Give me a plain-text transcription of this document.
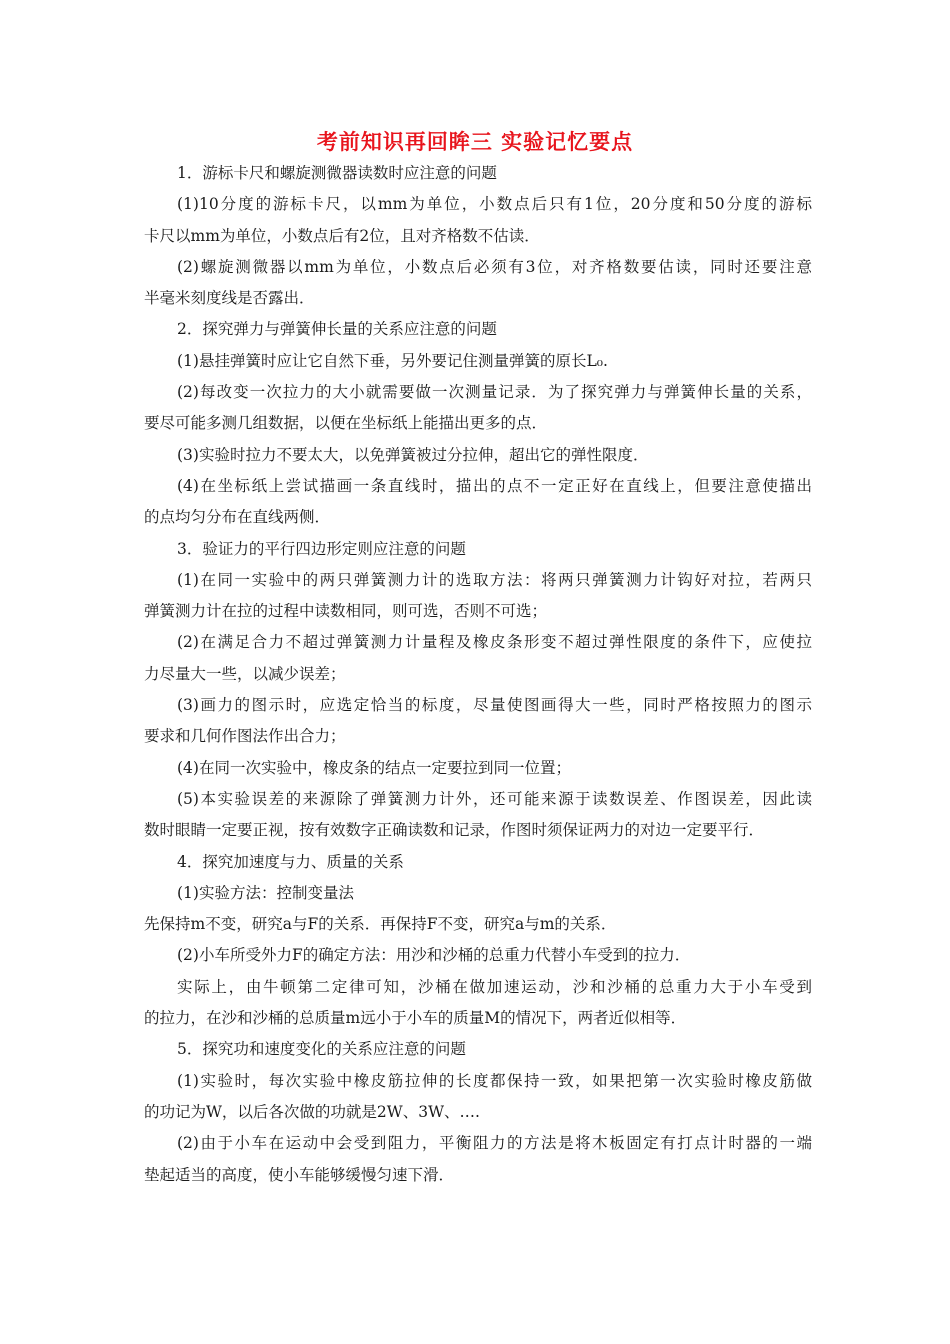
考前知识再回眸三 实验记忆要点
1．游标卡尺和螺旋测微器读数时应注意的问题
(1)10分度的游标卡尺，以mm为单位，小数点后只有1位，20分度和50分度的游标
卡尺以mm为单位，小数点后有2位，且对齐格数不估读．
(2)螺旋测微器以mm为单位，小数点后必须有3位，对齐格数要估读，同时还要注意
半毫米刻度线是否露出．
2．探究弹力与弹簧伸长量的关系应注意的问题
(1)悬挂弹簧时应让它自然下垂，另外要记住测量弹簧的原长L₀.
(2)每改变一次拉力的大小就需要做一次测量记录．为了探究弹力与弹簧伸长量的关系，
要尽可能多测几组数据，以便在坐标纸上能描出更多的点．
(3)实验时拉力不要太大，以免弹簧被过分拉伸，超出它的弹性限度．
(4)在坐标纸上尝试描画一条直线时，描出的点不一定正好在直线上，但要注意使描出
的点均匀分布在直线两侧．
3．验证力的平行四边形定则应注意的问题
(1)在同一实验中的两只弹簧测力计的选取方法：将两只弹簧测力计钩好对拉，若两只
弹簧测力计在拉的过程中读数相同，则可选，否则不可选；
(2)在满足合力不超过弹簧测力计量程及橡皮条形变不超过弹性限度的条件下，应使拉
力尽量大一些，以减少误差；
(3)画力的图示时，应选定恰当的标度，尽量使图画得大一些，同时严格按照力的图示
要求和几何作图法作出合力；
(4)在同一次实验中，橡皮条的结点一定要拉到同一位置；
(5)本实验误差的来源除了弹簧测力计外，还可能来源于读数误差、作图误差，因此读
数时眼睛一定要正视，按有效数字正确读数和记录，作图时须保证两力的对边一定要平行．
4．探究加速度与力、质量的关系
(1)实验方法：控制变量法
先保持m不变，研究a与F的关系．再保持F不变，研究a与m的关系．
(2)小车所受外力F的确定方法：用沙和沙桶的总重力代替小车受到的拉力．
实际上，由牛顿第二定律可知，沙桶在做加速运动，沙和沙桶的总重力大于小车受到
的拉力，在沙和沙桶的总质量m远小于小车的质量M的情况下，两者近似相等．
5．探究功和速度变化的关系应注意的问题
(1)实验时，每次实验中橡皮筋拉伸的长度都保持一致，如果把第一次实验时橡皮筋做
的功记为W，以后各次做的功就是2W、3W、….
(2)由于小车在运动中会受到阻力，平衡阻力的方法是将木板固定有打点计时器的一端
垫起适当的高度，使小车能够缓慢匀速下滑．
